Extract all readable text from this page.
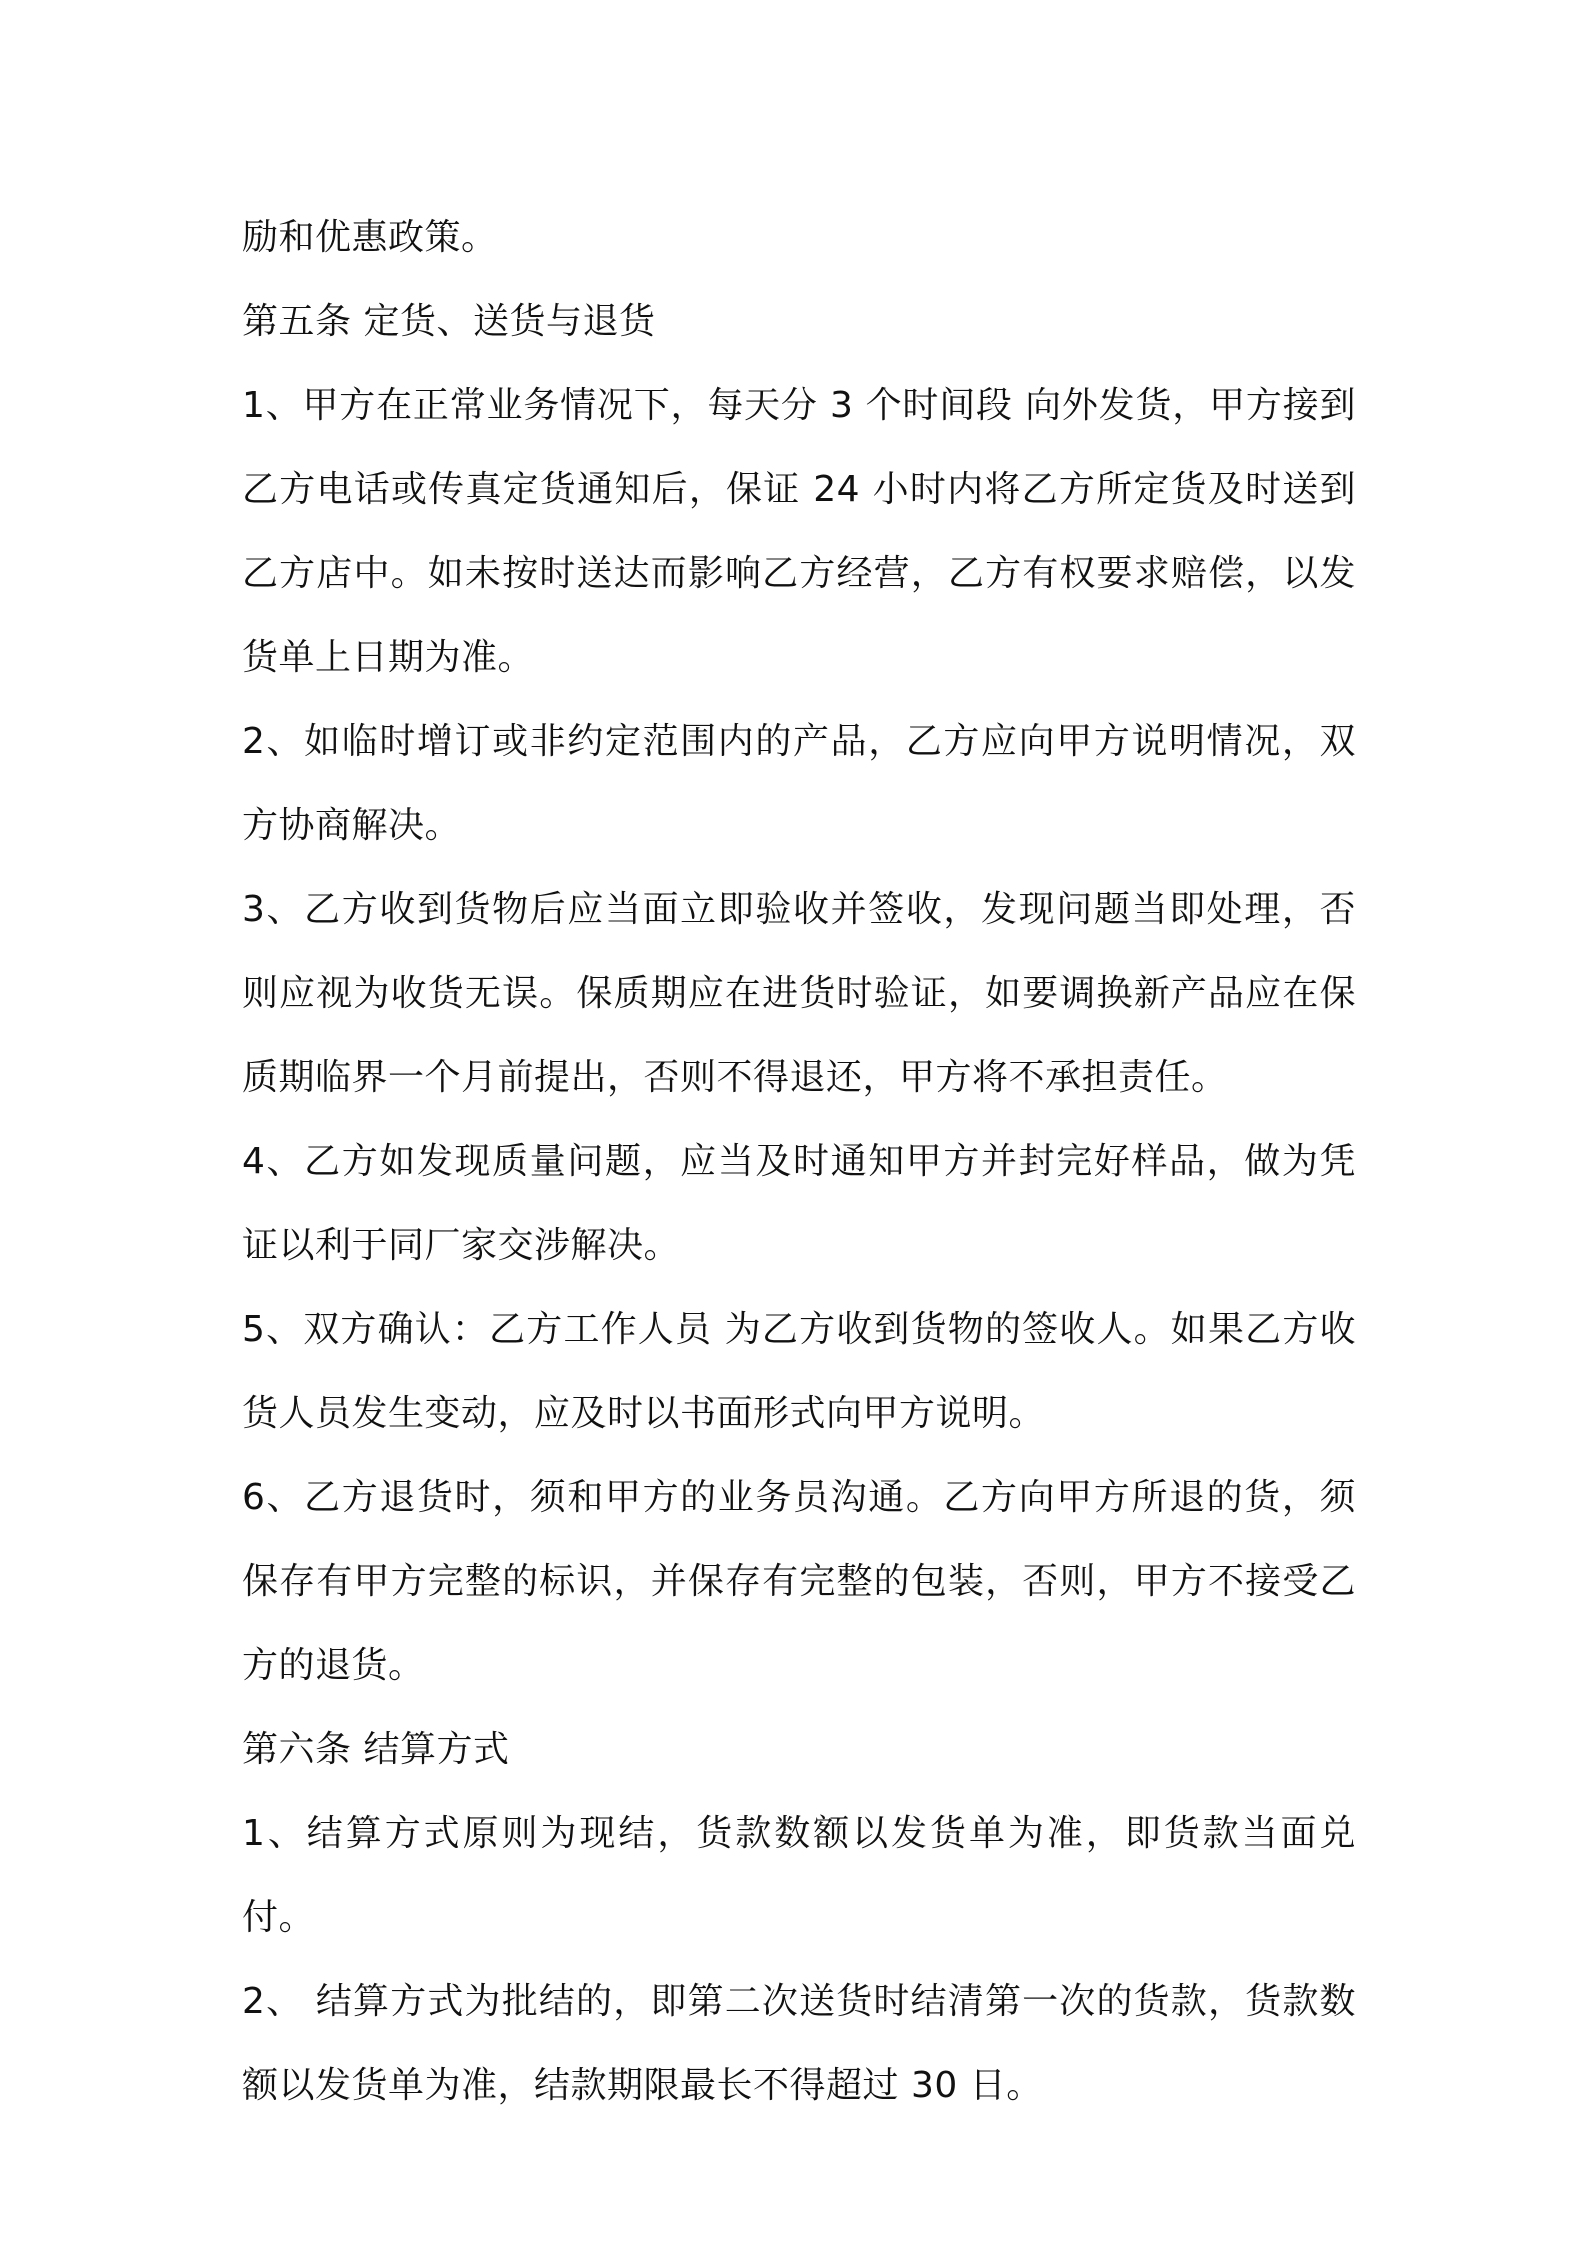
励和优惠政策。

第五条 定货、送货与退货

1、甲方在正常业务情况下，每天分 3 个时间段 向外发货，甲方接到乙方电话或传真定货通知后，保证 24 小时内将乙方所定货及时送到乙方店中。如未按时送达而影响乙方经营，乙方有权要求赔偿，以发货单上日期为准。

2、如临时增订或非约定范围内的产品，乙方应向甲方说明情况，双方协商解决。

3、乙方收到货物后应当面立即验收并签收，发现问题当即处理，否则应视为收货无误。保质期应在进货时验证，如要调换新产品应在保质期临界一个月前提出，否则不得退还，甲方将不承担责任。

4、乙方如发现质量问题，应当及时通知甲方并封完好样品，做为凭证以利于同厂家交涉解决。

5、双方确认：乙方工作人员 为乙方收到货物的签收人。如果乙方收货人员发生变动，应及时以书面形式向甲方说明。

6、乙方退货时，须和甲方的业务员沟通。乙方向甲方所退的货，须保存有甲方完整的标识，并保存有完整的包装，否则，甲方不接受乙方的退货。

第六条 结算方式

1、结算方式原则为现结，货款数额以发货单为准，即货款当面兑付。

2、 结算方式为批结的，即第二次送货时结清第一次的货款，货款数额以发货单为准，结款期限最长不得超过 30 日。
